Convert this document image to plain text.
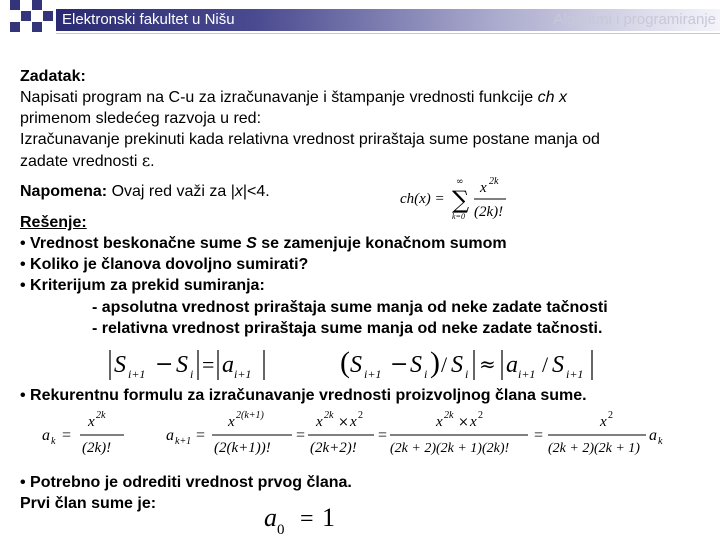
Elektronski fakultet u Nišu	Algoritmi i programiranje
Zadatak:
Napisati program na C-u za izračunavanje i štampanje vrednosti funkcije ch x
primenom sledećeg razvoja u red:
Izračunavanje prekinuti kada relativna vrednost priraštaja sume postane manja od
zadate vrednosti ε.
Napomena: Ovaj red važi za |x|<4.	ch(x) =
∞
∑
k=0
x 2k
(2k)!
Rešenje:
• Vrednost beskonačne sume S se zamenjuje konačnom sumom
• Koliko je članova dovoljno sumirati?
• Kriterijum za prekid sumiranja:
- apsolutna vrednost priraštaja sume manja od neke zadate tačnosti
- relativna vrednost priraštaja sume manja od neke zadate tačnosti.
S i+1 − S i = a i+1	( S i+1 − S i ) / S i ≈ a i+1 / S i+1
• Rekurentnu formulu za izračunavanje vrednosti proizvoljnog člana sume.
a k =
x 2k
(2k)!
a k+1 =
x 2(k+1)
(2(k+1))!
=
x 2k × x 2
(2k+2)!
=
x 2k × x 2
(2k + 2)(2k + 1)(2k)!
=
x 2
(2k + 2)(2k + 1)
a k
• Potrebno je odrediti vrednost prvog člana.
Prvi član sume je:	a 0 = 1
